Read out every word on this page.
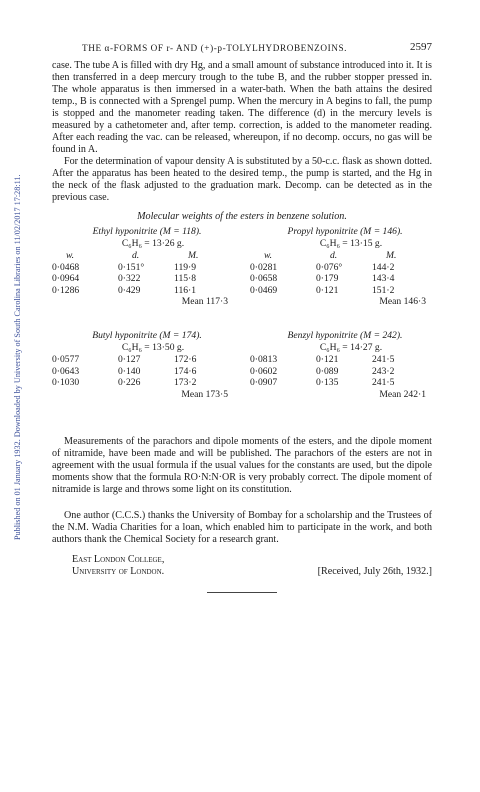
Published on 01 January 1932. Downloaded by University of South Carolina Libraries on 11/02/2017 17:28:11.
THE α-FORMS OF r- AND (+)-p-TOLYLHYDROBENZOINS.	2597

case. The tube A is filled with dry Hg, and a small amount of substance introduced into it. It is then transferred in a deep mercury trough to the tube B, and the rubber stopper pressed in. The whole apparatus is then immersed in a water-bath. When the bath attains the desired temp., B is connected with a Sprengel pump. When the mercury in A begins to fall, the pump is stopped and the manometer reading taken. The difference (d) in the mercury levels is measured by a cathetometer and, after temp. correction, is added to the manometer reading. After each reading the vac. can be released, whereupon, if no decomp. occurs, no gas will be found in A.

For the determination of vapour density A is substituted by a 50-c.c. flask as shown dotted. After the apparatus has been heated to the desired temp., the pump is started, and the Hg in the neck of the flask adjusted to the graduation mark. Decomp. can be detected as in the previous case.

Molecular weights of the esters in benzene solution.
Ethyl hyponitrite (M = 118).
C₆H₆ = 13·26 g.
w.	d.	M.
0·0468	0·151°	119·9
0·0964	0·322	115·8
0·1286	0·429	116·1
Mean 117·3
Propyl hyponitrite (M = 146).
C₆H₆ = 13·15 g.
w.	d.	M.
0·0281	0·076°	144·2
0·0658	0·179	143·4
0·0469	0·121	151·2
Mean 146·3
Butyl hyponitrite (M = 174).
C₆H₆ = 13·50 g.
0·0577	0·127	172·6
0·0643	0·140	174·6
0·1030	0·226	173·2
Mean 173·5
Benzyl hyponitrite (M = 242).
C₆H₆ = 14·27 g.
0·0813	0·121	241·5
0·0602	0·089	243·2
0·0907	0·135	241·5
Mean 242·1

Measurements of the parachors and dipole moments of the esters, and the dipole moment of nitramide, have been made and will be published. The parachors of the esters are not in agreement with the usual formula if the usual values for the constants are used, but the dipole moments show that the formula RO·N:N·OR is very probably correct. The dipole moment of nitramide is large and throws some light on its constitution.

One author (C.C.S.) thanks the University of Bombay for a scholarship and the Trustees of the N.M. Wadia Charities for a loan, which enabled him to participate in the work, and both authors thank the Chemical Society for a research grant.

East London College,
University of London.	[Received, July 26th, 1932.]
